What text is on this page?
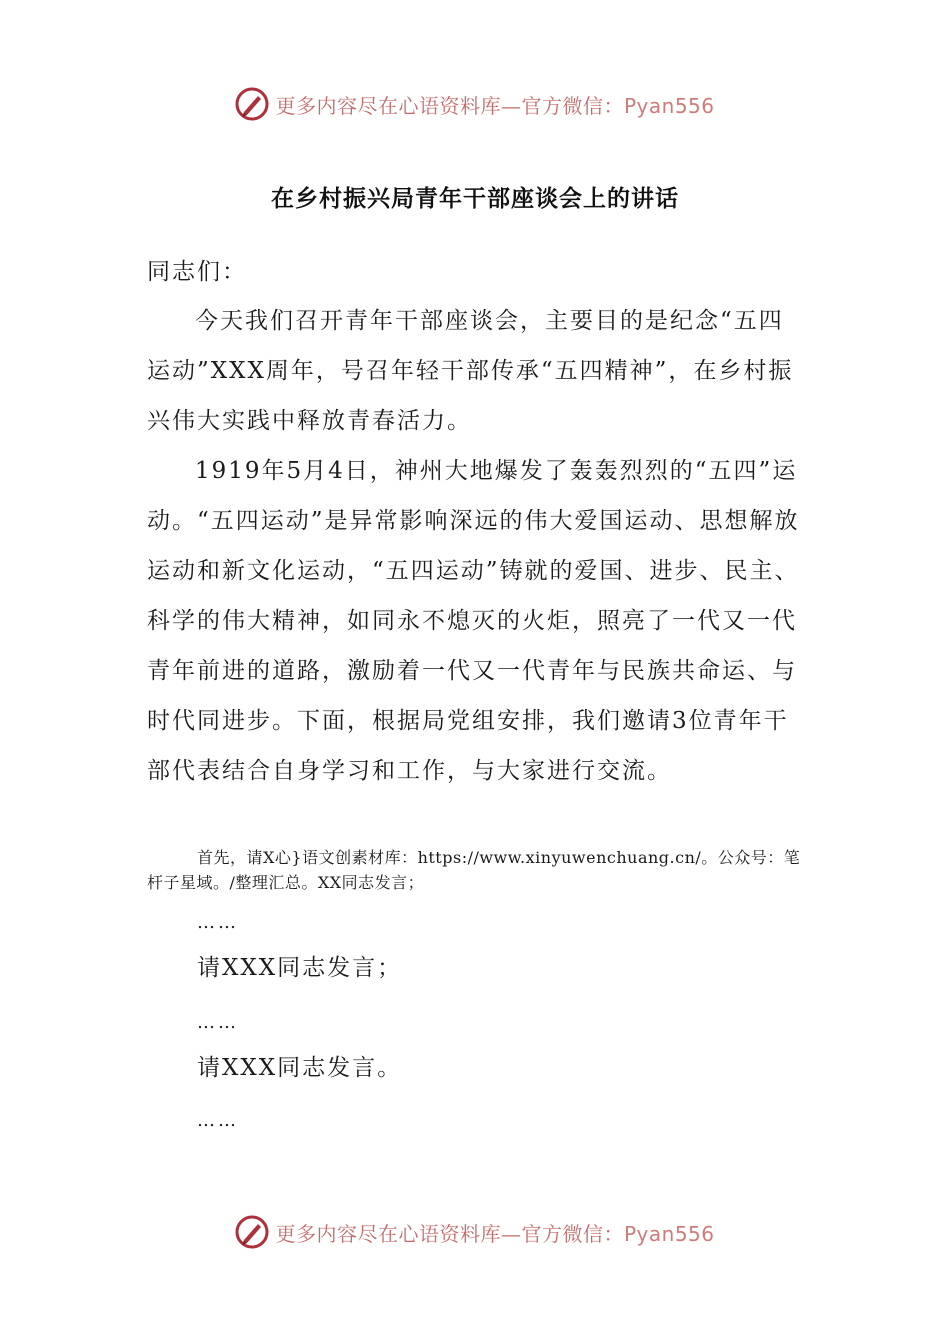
更多内容尽在心语资料库—官方微信：Pyan556
在乡村振兴局青年干部座谈会上的讲话
同志们：
今天我们召开青年干部座谈会，主要目的是纪念“五四运动”XXX周年，号召年轻干部传承“五四精神”，在乡村振兴伟大实践中释放青春活力。
1919年5月4日，神州大地爆发了轰轰烈烈的“五四”运动。“五四运动”是异常影响深远的伟大爱国运动、思想解放运动和新文化运动，“五四运动”铸就的爱国、进步、民主、科学的伟大精神，如同永不熄灭的火炬，照亮了一代又一代青年前进的道路，激励着一代又一代青年与民族共命运、与时代同进步。下面，根据局党组安排，我们邀请3位青年干部代表结合自身学习和工作，与大家进行交流。
首先，请X心}语文创素材库：https://www.xinyuwenchuang.cn/。公众号：笔杆子星域。/整理汇总。XX同志发言；
……
请XXX同志发言；
……
请XXX同志发言。
……
更多内容尽在心语资料库—官方微信：Pyan556
